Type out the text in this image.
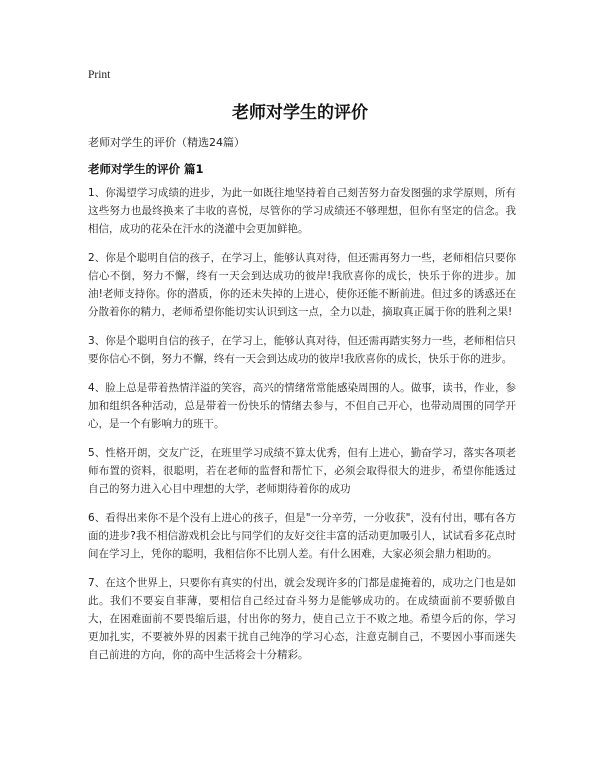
Print
老师对学生的评价

老师对学生的评价（精选24篇）

老师对学生的评价 篇1

1、你渴望学习成绩的进步，为此一如既往地坚持着自己刻苦努力奋发图强的求学原则，所有这些努力也最终换来了丰收的喜悦，尽管你的学习成绩还不够理想，但你有坚定的信念。我相信，成功的花朵在汗水的浇灌中会更加鲜艳。

2、你是个聪明自信的孩子，在学习上，能够认真对待，但还需再努力一些，老师相信只要你信心不倒，努力不懈，终有一天会到达成功的彼岸!我欣喜你的成长，快乐于你的进步。加油!老师支持你。你的潜质，你的还未失掉的上进心，使你还能不断前进。但过多的诱惑还在分散着你的精力，老师希望你能切实认识到这一点，全力以赴，摘取真正属于你的胜利之果!

3、你是个聪明自信的孩子，在学习上，能够认真对待，但还需再踏实努力一些，老师相信只要你信心不倒，努力不懈，终有一天会到达成功的彼岸!我欣喜你的成长，快乐于你的进步。

4、脸上总是带着热情洋溢的笑容，高兴的情绪常常能感染周围的人。做事，读书，作业，参加和组织各种活动，总是带着一份快乐的情绪去参与，不但自己开心，也带动周围的同学开心，是一个有影响力的班干。

5、性格开朗，交友广泛，在班里学习成绩不算太优秀，但有上进心，勤奋学习，落实各项老师布置的资料，很聪明，若在老师的监督和帮忙下，必须会取得很大的进步，希望你能透过自己的努力进入心目中理想的大学，老师期待着你的成功

6、看得出来你不是个没有上进心的孩子，但是"一分辛劳，一分收获"，没有付出，哪有各方面的进步?我不相信游戏机会比与同学们的友好交往丰富的活动更加吸引人，试试看多花点时间在学习上，凭你的聪明，我相信你不比别人差。有什么困难，大家必须会鼎力相助的。

7、在这个世界上，只要你有真实的付出，就会发现许多的门都是虚掩着的，成功之门也是如此。我们不要妄自菲薄，要相信自己经过奋斗努力是能够成功的。在成绩面前不要骄傲自大，在困难面前不要畏缩后退，付出你的努力，使自己立于不败之地。希望今后的你，学习更加扎实，不要被外界的因素干扰自己纯净的学习心态，注意克制自己，不要因小事而迷失自己前进的方向，你的高中生活将会十分精彩。
